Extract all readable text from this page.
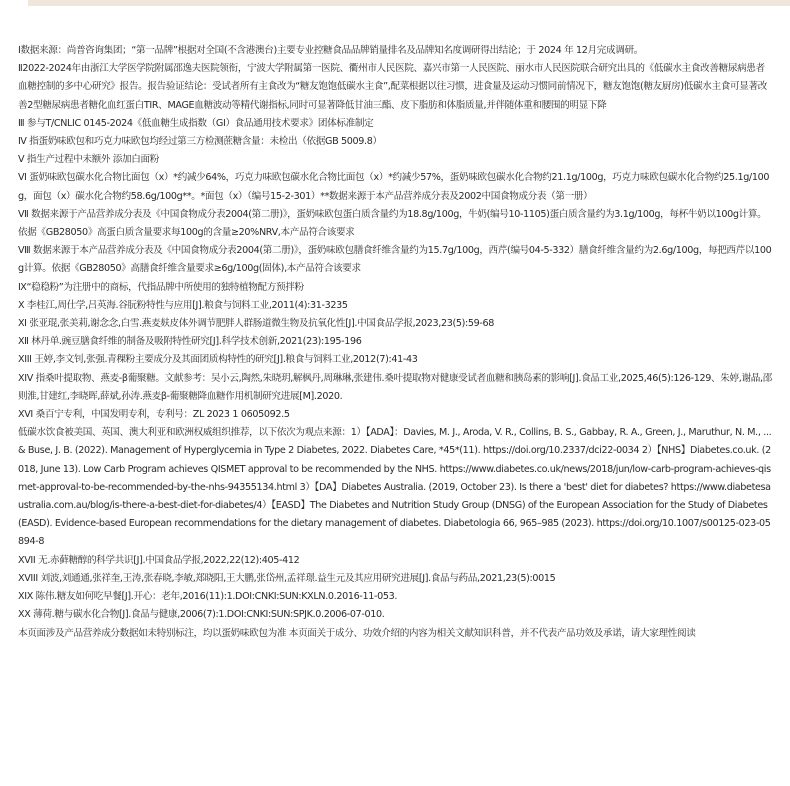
Ⅰ数据来源：尚普咨询集团；“第一品牌”根据对全国(不含港澳台)主要专业控糖食品品牌销量排名及品牌知名度调研得出结论；于 2024 年 12月完成调研。

Ⅱ2022-2024年由浙江大学医学院附属邵逸夫医院领衔，宁波大学附属第一医院、衢州市人民医院、嘉兴市第一人民医院、丽水市人民医院联合研究出具的《低碳水主食改善糖尿病患者血糖控制的多中心研究》报告。报告验证结论：受试者所有主食改为“糖友饱饱低碳水主食”,配菜根据以往习惯，进食量及运动习惯同前情况下，糖友饱饱(糖友厨房)低碳水主食可显著改善2型糖尿病患者糖化血红蛋白TIR、MAGE血糖波动等精代谢指标,同时可显著降低甘油三酯、皮下脂肪和体脂质量,并伴随体重和腰围的明显下降

Ⅲ 参与T/CNLIC 0145-2024《低血糖生成指数（GI）食品通用技术要求》团体标准制定

Ⅳ 指蛋奶味欧包和巧克力味欧包均经过第三方检测蔗糖含量：未检出（依据GB 5009.8）

Ⅴ 指生产过程中未额外 添加白面粉

Ⅵ 蛋奶味欧包碳水化合物比面包（x）*约减少64%，巧克力味欧包碳水化合物比面包（x）*约减少57%，蛋奶味欧包碳水化合物约21.1g/100g，巧克力味欧包碳水化合物约25.1g/100g，面包（x）碳水化合物约58.6g/100g**。*面包（x）（编号15-2-301）**数据来源于本产品营养成分表及2002中国食物成分表（第一册）

Ⅶ 数据来源于产品营养成分表及《中国食物成分表2004(第二册)》，蛋奶味欧包蛋白质含量约为18.8g/100g，牛奶(编号10-1105)蛋白质含量约为3.1g/100g，每杯牛奶以100g计算。依据《GB28050》高蛋白质含量要求每100g的含量≥20%NRV,本产品符合该要求

Ⅷ 数据来源于本产品营养成分表及《中国食物成分表2004(第二册)》，蛋奶味欧包膳食纤维含量约为15.7g/100g，西芹(编号04-5-332）膳食纤维含量约为2.6g/100g，每把西芹以100g计算。依据《GB28050》高膳食纤维含量要求≥6g/100g(固体),本产品符合该要求

Ⅸ“稳稳粉”为注册中的商标，代指品牌中所使用的独特植物配方预拌粉

Ⅹ 李桂江,周仕学,吕英海.谷朊粉特性与应用[J].粮食与饲料工业,2011(4):31-3235

Ⅺ 张亚琨,张美莉,谢念念,白雪.燕麦麸皮体外调节肥胖人群肠道微生物及抗氧化性[J].中国食品学报,2023,23(5):59-68

Ⅻ 林丹单.豌豆膳食纤维的制备及吸附特性研究[J].科学技术创新,2021(23):195-196

XIII 王婷,李文钊,张强.青稞粉主要成分及其面团质构特性的研究[J].粮食与饲料工业,2012(7):41-43

XIV 指桑叶提取物、燕麦-β葡聚糖。文献参考：吴小云,陶然,朱晓玥,解枫丹,周琳琳,张建伟.桑叶提取物对健康受试者血糖和胰岛素的影响[J].食品工业,2025,46(5):126-129、朱婷,谢晶,邵则淮,甘建红,李晓晖,薛斌,孙涛.燕麦β-葡聚糖降血糖作用机制研究进展[M].2020.

XVI 桑百宁专利，中国发明专利，专利号：ZL 2023 1 0605092.5

低碳水饮食被美国、英国、澳大利亚和欧洲权威组织推荐，以下依次为观点来源：1）【ADA】：Davies, M. J., Aroda, V. R., Collins, B. S., Gabbay, R. A., Green, J., Maruthur, N. M., ... & Buse, J. B. (2022). Management of Hyperglycemia in Type 2 Diabetes, 2022. Diabetes Care, *45*(11). https://doi.org/10.2337/dci22-0034 2）【NHS】Diabetes.co.uk. (2018, June 13). Low Carb Program achieves QISMET approval to be recommended by the NHS. https://www.diabetes.co.uk/news/2018/jun/low-carb-program-achieves-qismet-approval-to-be-recommended-by-the-nhs-94355134.html 3）【DA】Diabetes Australia. (2019, October 23). Is there a 'best' diet for diabetes? https://www.diabetesaustralia.com.au/blog/is-there-a-best-diet-for-diabetes/4）【EASD】The Diabetes and Nutrition Study Group (DNSG) of the European Association for the Study of Diabetes (EASD). Evidence-based European recommendations for the dietary management of diabetes. Diabetologia 66, 965–985 (2023). https://doi.org/10.1007/s00125-023-05894-8

XVII 无.赤藓糖醇的科学共识[J].中国食品学报,2022,22(12):405-412

XVIII 刘波,刘通通,张祥奎,王涛,张春晓,李敏,郑晓阳,王大鹏,张岱州,孟祥璟.益生元及其应用研究进展[J].食品与药品,2021,23(5):0015

XIX 陈伟.糖友如何吃早餐[J].开心：老年,2016(11):1.DOI:CNKI:SUN:KXLN.0.2016-11-053.

XX 薄荷.糖与碳水化合物[J].食品与健康,2006(7):1.DOI:CNKI:SUN:SPJK.0.2006-07-010.

本页面涉及产品营养成分数据如未特别标注，均以蛋奶味欧包为准 本页面关于成分、功效介绍的内容为相关文献知识科普，并不代表产品功效及承诺，请大家理性阅读
